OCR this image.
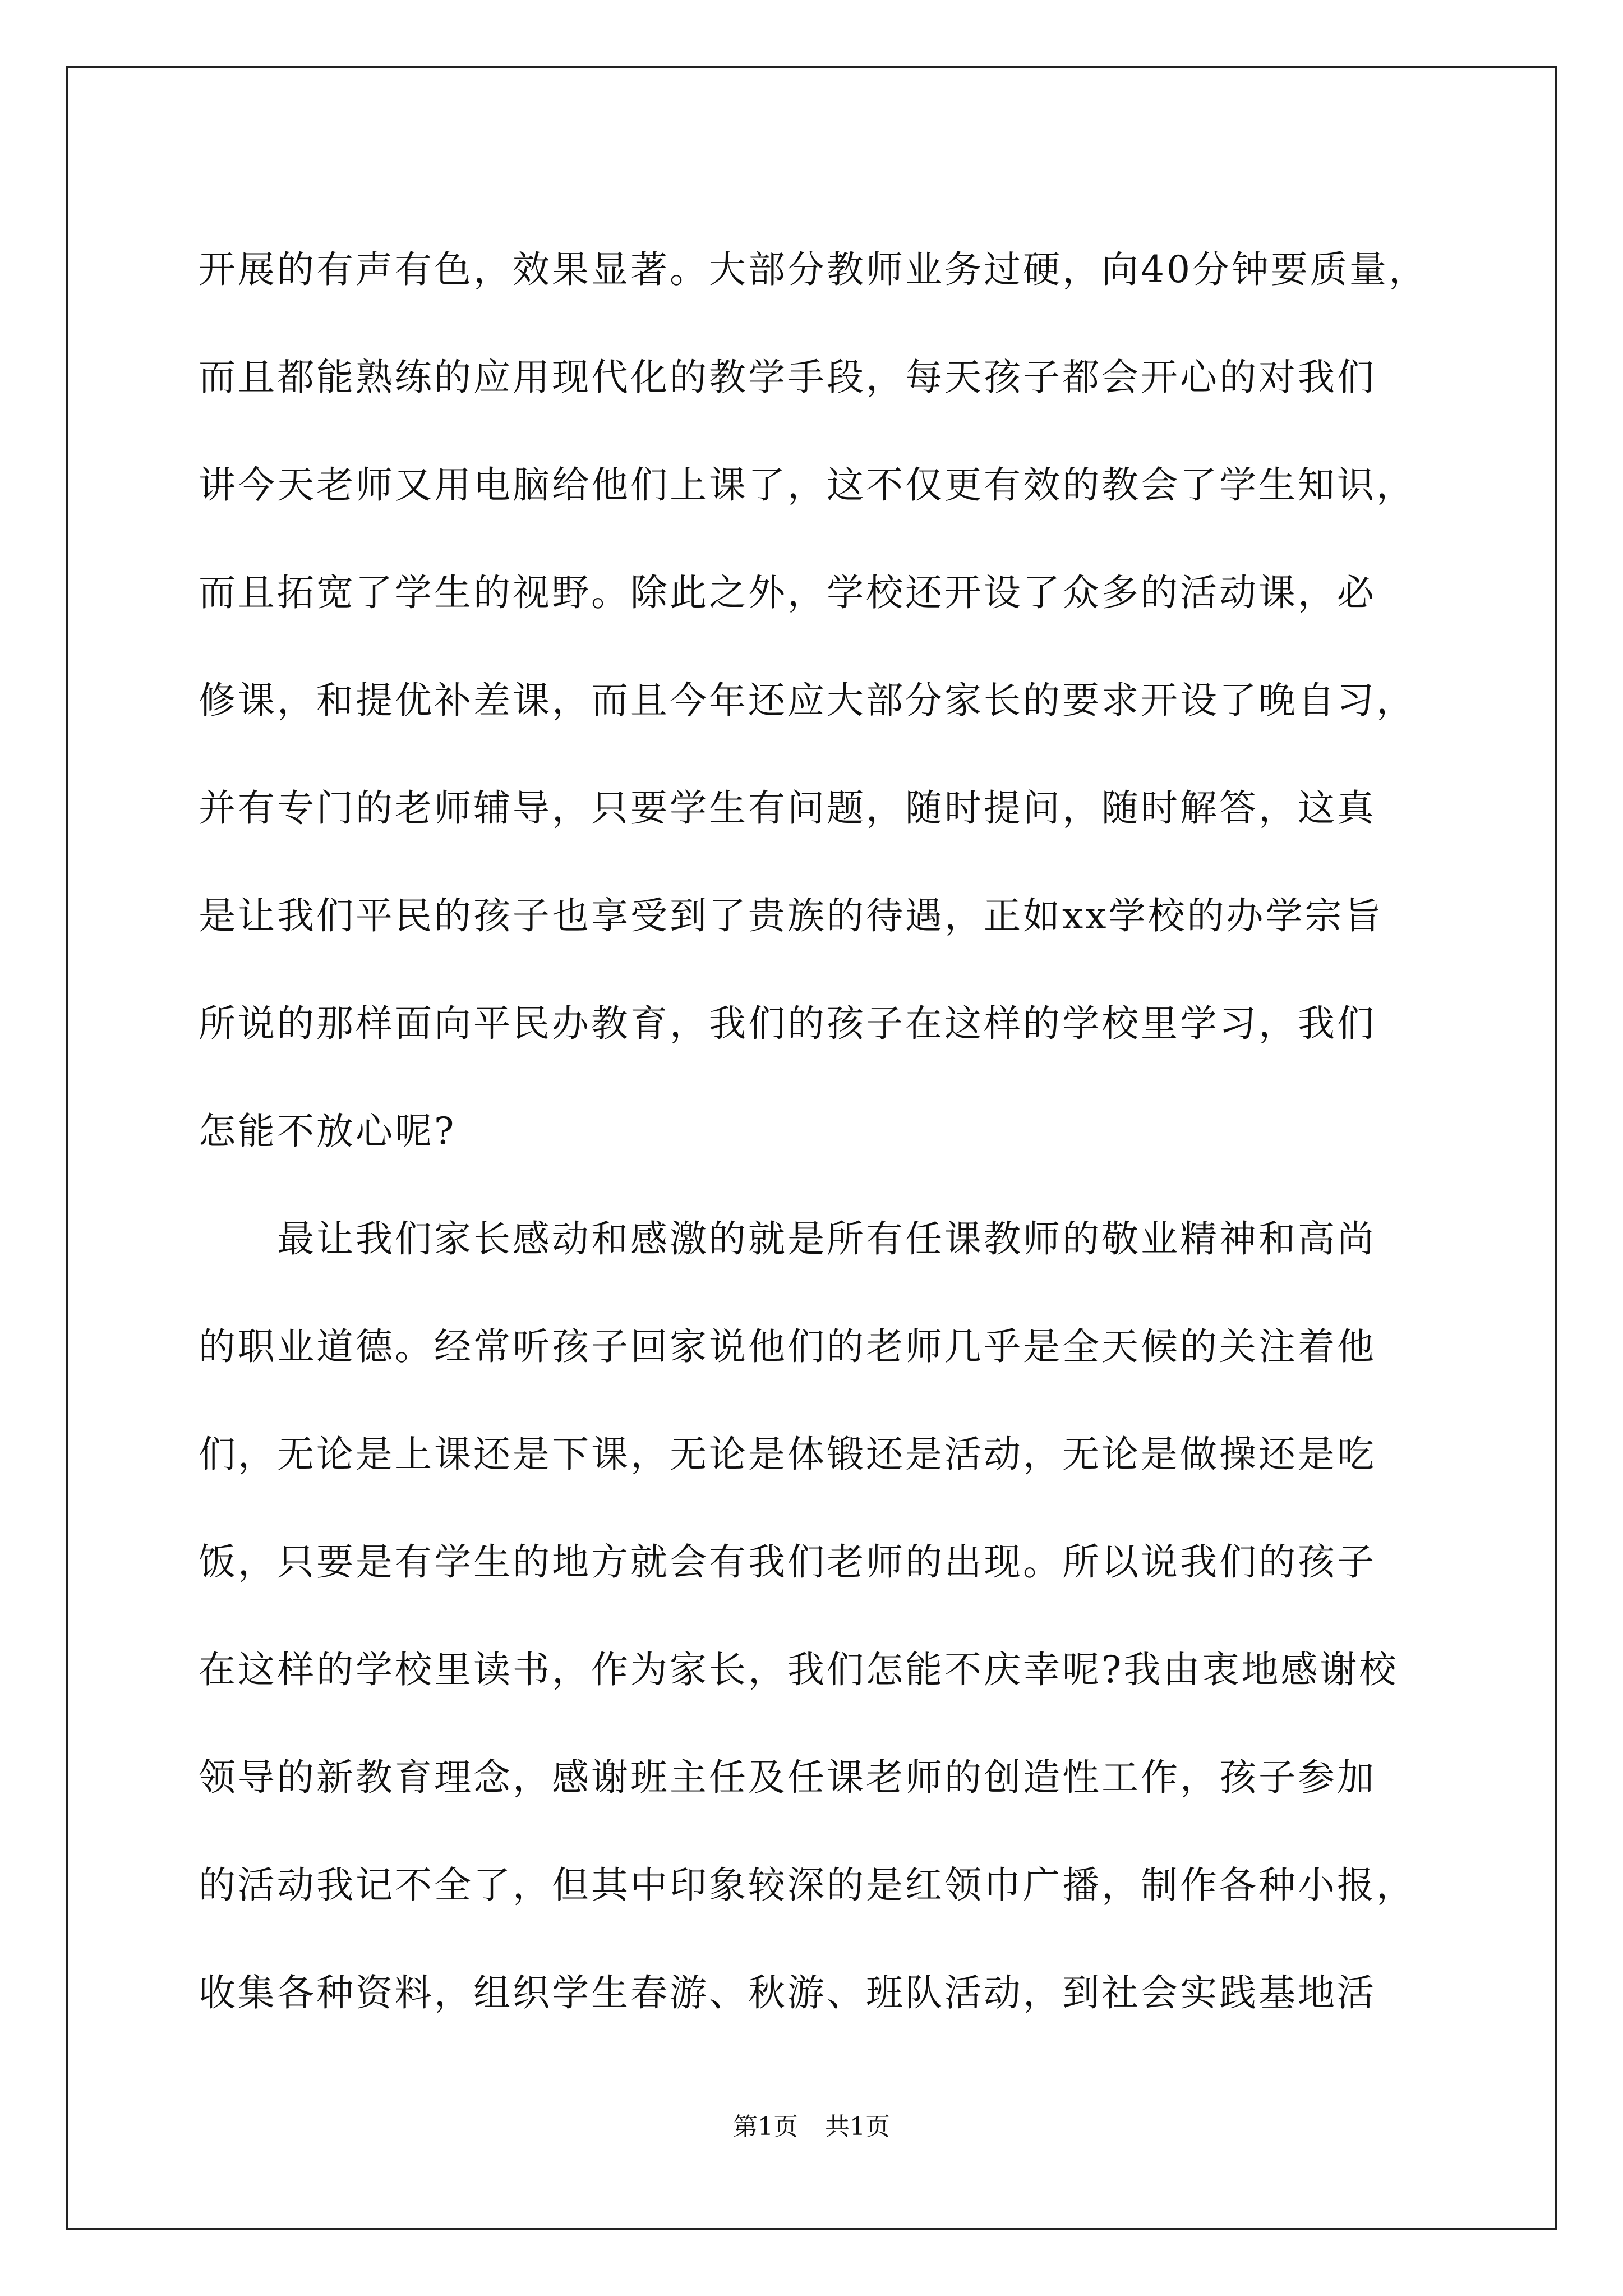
开展的有声有色，效果显著。大部分教师业务过硬，向40分钟要质量，
而且都能熟练的应用现代化的教学手段，每天孩子都会开心的对我们
讲今天老师又用电脑给他们上课了，这不仅更有效的教会了学生知识，
而且拓宽了学生的视野。除此之外，学校还开设了众多的活动课，必
修课，和提优补差课，而且今年还应大部分家长的要求开设了晚自习，
并有专门的老师辅导，只要学生有问题，随时提问，随时解答，这真
是让我们平民的孩子也享受到了贵族的待遇，正如xx学校的办学宗旨
所说的那样面向平民办教育，我们的孩子在这样的学校里学习，我们
怎能不放心呢?
最让我们家长感动和感激的就是所有任课教师的敬业精神和高尚
的职业道德。经常听孩子回家说他们的老师几乎是全天候的关注着他
们，无论是上课还是下课，无论是体锻还是活动，无论是做操还是吃
饭，只要是有学生的地方就会有我们老师的出现。所以说我们的孩子
在这样的学校里读书，作为家长，我们怎能不庆幸呢?我由衷地感谢校
领导的新教育理念，感谢班主任及任课老师的创造性工作，孩子参加
的活动我记不全了，但其中印象较深的是红领巾广播，制作各种小报，
收集各种资料，组织学生春游、秋游、班队活动，到社会实践基地活
第1页 共1页
